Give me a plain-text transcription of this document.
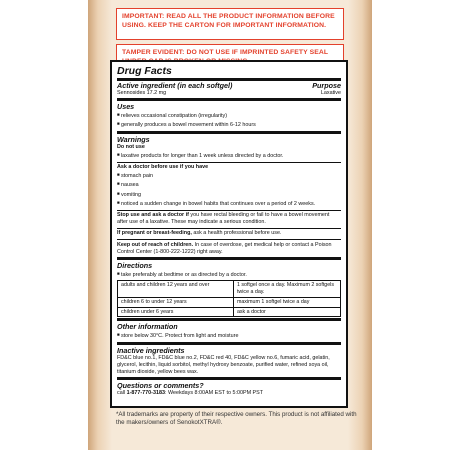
IMPORTANT: READ ALL THE PRODUCT INFORMATION BEFORE USING. KEEP THE CARTON FOR IMPORTANT INFORMATION.
TAMPER EVIDENT: DO NOT USE IF IMPRINTED SAFETY SEAL
Drug Facts
Active ingredient (in each softgel)	Purpose
Sennosides 17.2 mg	Laxative
Uses
■ relieves occasional constipation (irregularity)
■ generally produces a bowel movement within 6-12 hours
Warnings
Do not use
■ laxative products for longer than 1 week unless directed by a doctor.
Ask a doctor before use if you have
■ stomach pain
■ nausea
■ vomiting
■ noticed a sudden change in bowel habits that continues over a period of 2 weeks.
Stop use and ask a doctor if you have rectal bleeding or fail to have a bowel movement after use of a laxative. These may indicate a serious condition.
If pregnant or breast-feeding, ask a health professional before use.
Keep out of reach of children. In case of overdose, get medical help or contact a Poison Control Center (1-800-222-1222) right away.
Directions
■ take preferably at bedtime or as directed by a doctor.
adults and children 12 years and over	1 softgel once a day. Maximum 2 softgels twice a day.
children 6 to under 12 years	maximum 1 softgel twice a day
children under 6 years	ask a doctor
Other information
■ store below 30°C. Protect from light and moisture
Inactive ingredients
FD&C blue no.1, FD&C blue no.2, FD&C red 40, FD&C yellow no.6, fumaric acid, gelatin, glycerol, lecithin, liquid sorbitol, methyl hydroxy benzoate, purified water, refined soya oil, titanium dioxide, yellow bees wax.
Questions or comments?
call 1-877-770-3183: Weekdays 8:00AM EST to 5:00PM PST
*All trademarks are property of their respective owners. This product is not affiliated with the makers/owners of SenokotXTRA®.
